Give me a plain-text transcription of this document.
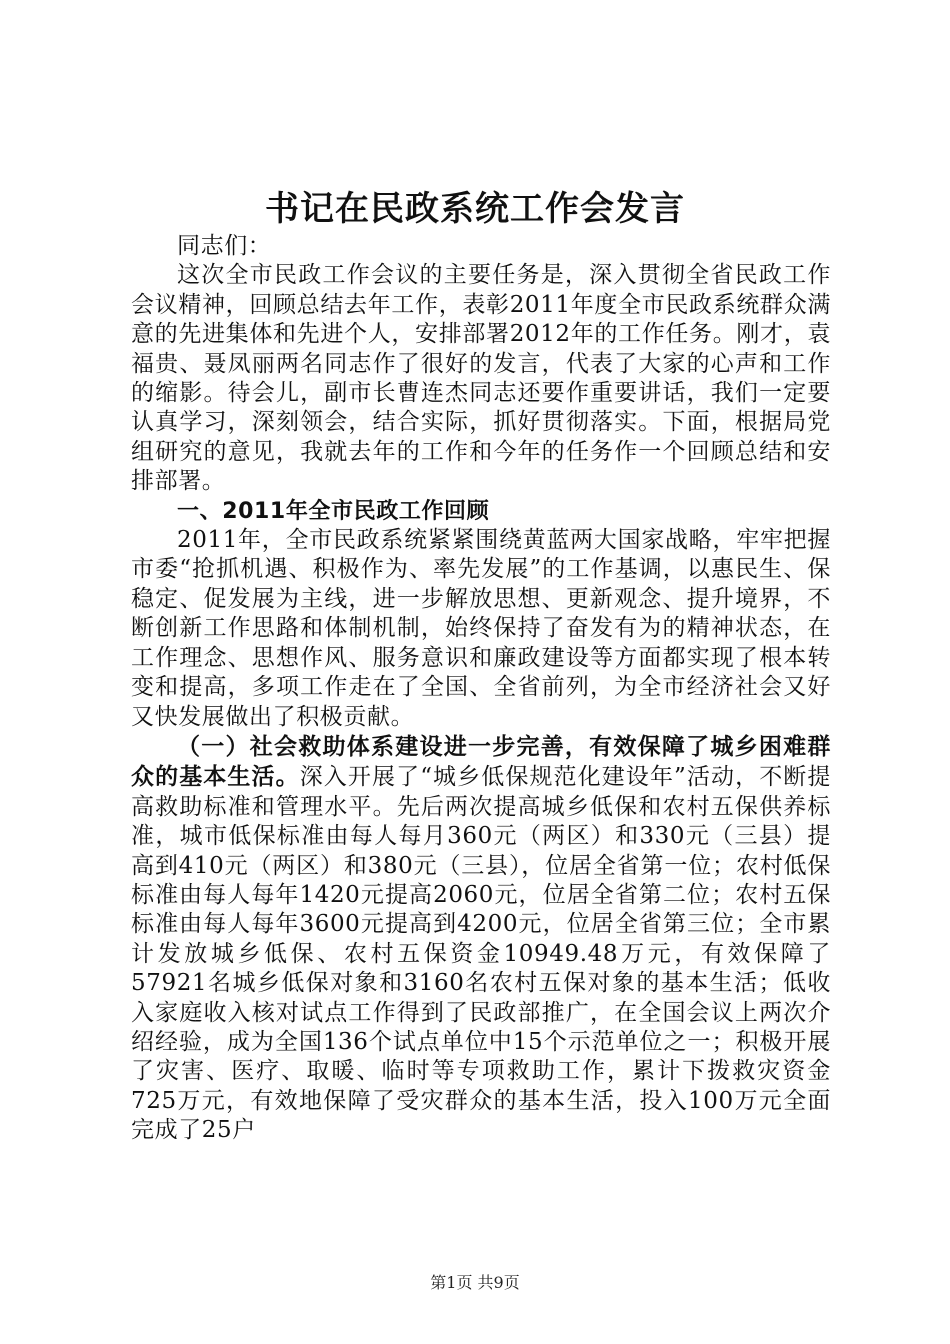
书记在民政系统工作会发言

同志们：

这次全市民政工作会议的主要任务是，深入贯彻全省民政工作会议精神，回顾总结去年工作，表彰2011年度全市民政系统群众满意的先进集体和先进个人，安排部署2012年的工作任务。刚才，袁福贵、聂凤丽两名同志作了很好的发言，代表了大家的心声和工作的缩影。待会儿，副市长曹连杰同志还要作重要讲话，我们一定要认真学习，深刻领会，结合实际，抓好贯彻落实。下面，根据局党组研究的意见，我就去年的工作和今年的任务作一个回顾总结和安排部署。

一、2011年全市民政工作回顾

2011年，全市民政系统紧紧围绕黄蓝两大国家战略，牢牢把握市委“抢抓机遇、积极作为、率先发展”的工作基调，以惠民生、保稳定、促发展为主线，进一步解放思想、更新观念、提升境界，不断创新工作思路和体制机制，始终保持了奋发有为的精神状态，在工作理念、思想作风、服务意识和廉政建设等方面都实现了根本转变和提高，多项工作走在了全国、全省前列，为全市经济社会又好又快发展做出了积极贡献。

（一）社会救助体系建设进一步完善，有效保障了城乡困难群众的基本生活。深入开展了“城乡低保规范化建设年”活动，不断提高救助标准和管理水平。先后两次提高城乡低保和农村五保供养标准，城市低保标准由每人每月360元（两区）和330元（三县）提高到410元（两区）和380元（三县），位居全省第一位；农村低保标准由每人每年1420元提高2060元，位居全省第二位；农村五保标准由每人每年3600元提高到4200元，位居全省第三位；全市累计发放城乡低保、农村五保资金10949.48万元，有效保障了57921名城乡低保对象和3160名农村五保对象的基本生活；低收入家庭收入核对试点工作得到了民政部推广，在全国会议上两次介绍经验，成为全国136个试点单位中15个示范单位之一；积极开展了灾害、医疗、取暖、临时等专项救助工作，累计下拨救灾资金725万元，有效地保障了受灾群众的基本生活，投入100万元全面完成了25户

第1页 共9页
